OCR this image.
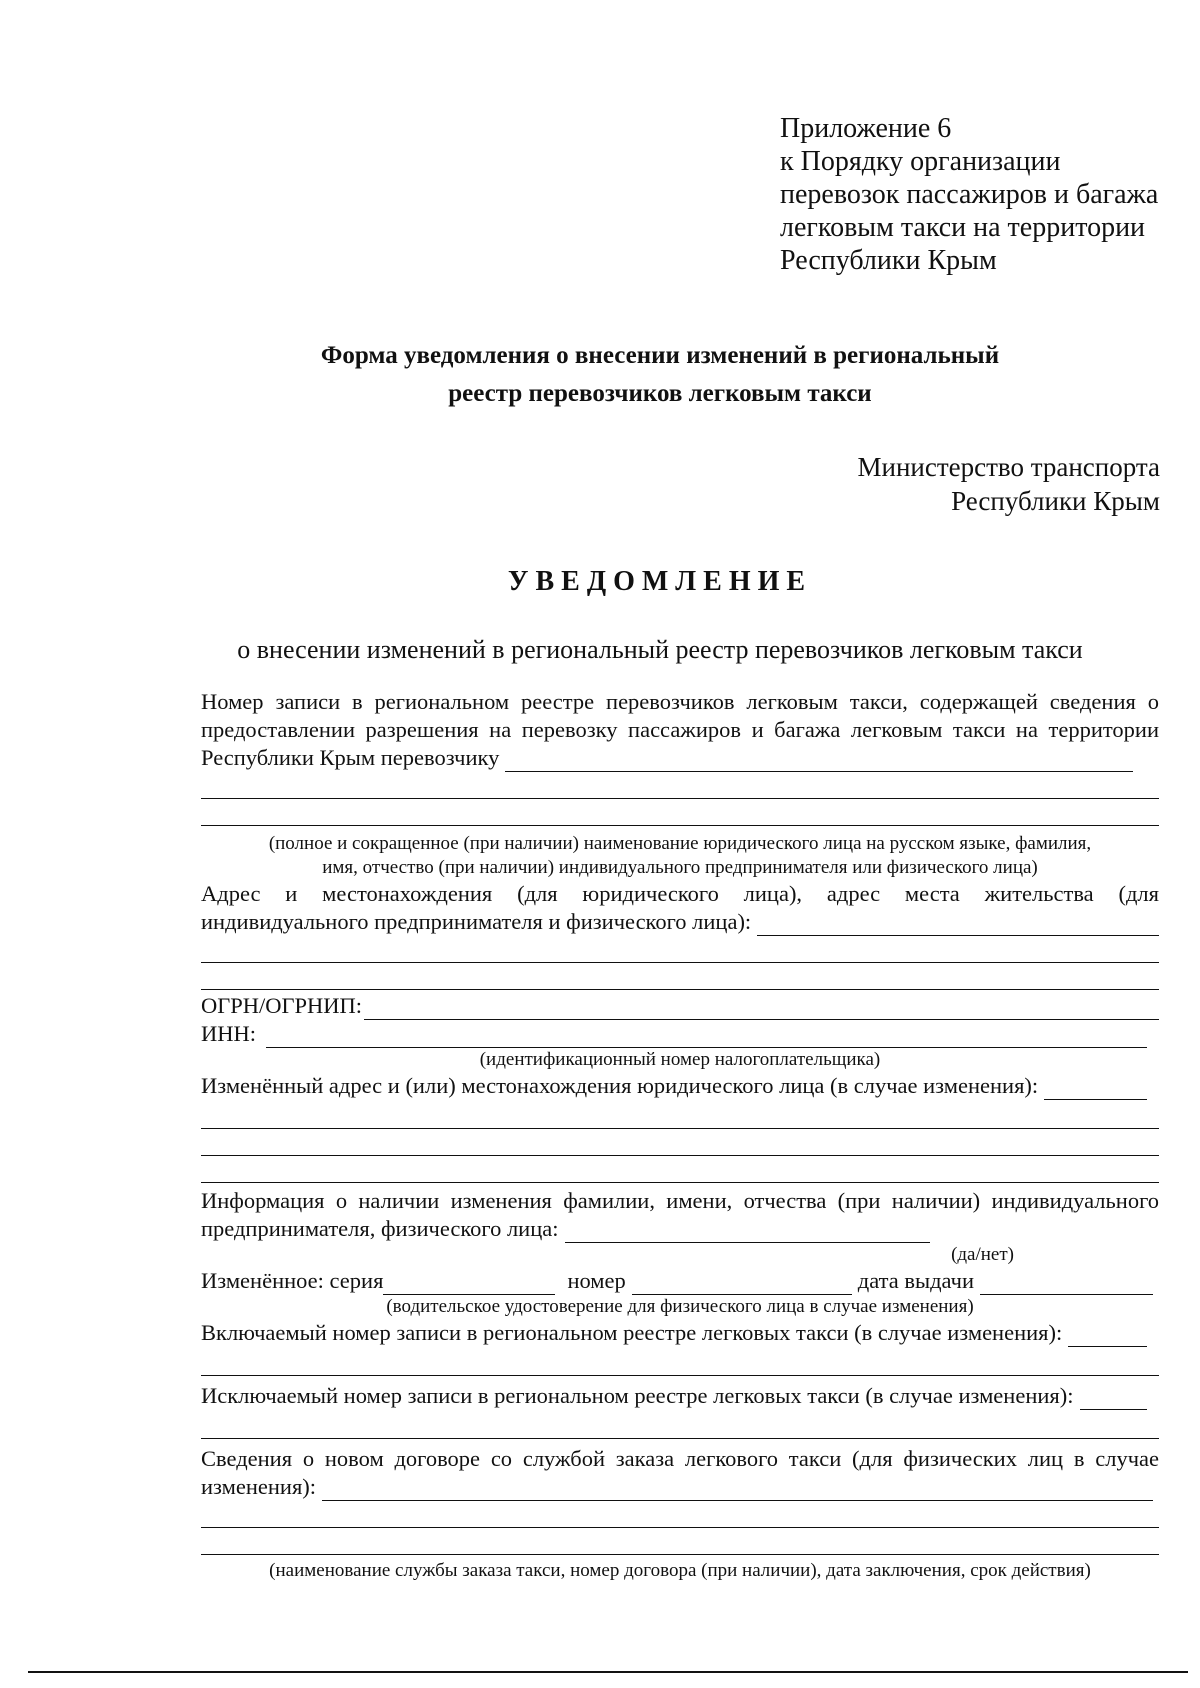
Приложение 6
к Порядку организации
перевозок пассажиров и багажа
легковым такси на территории
Республики Крым
Форма уведомления о внесении изменений в региональный
реестр перевозчиков легковым такси
Министерство транспорта
Республики Крым
УВЕДОМЛЕНИЕ
о внесении изменений в региональный реестр перевозчиков легковым такси
Номер записи в региональном реестре перевозчиков легковым такси, содержащей сведения о
предоставлении разрешения на перевозку пассажиров и багажа легковым такси на территории
Республики Крым перевозчику
(полное и сокращенное (при наличии) наименование юридического лица на русском языке, фамилия,
имя, отчество (при наличии) индивидуального предпринимателя или физического лица)
Адрес и местонахождения (для юридического лица), адрес места жительства (для
индивидуального предпринимателя и физического лица):
ОГРН/ОГРНИП:
ИНН:
(идентификационный номер налогоплательщика)
Изменённый адрес и (или) местонахождения юридического лица (в случае изменения):
Информация о наличии изменения фамилии, имени, отчества (при наличии) индивидуального
предпринимателя, физического лица:
(да/нет)
Изменённое: серия	номер	дата выдачи
(водительское удостоверение для физического лица в случае изменения)
Включаемый номер записи в региональном реестре легковых такси (в случае изменения):
Исключаемый номер записи в региональном реестре легковых такси (в случае изменения):
Сведения о новом договоре со службой заказа легкового такси (для физических лиц в случае
изменения):
(наименование службы заказа такси, номер договора (при наличии), дата заключения, срок действия)
